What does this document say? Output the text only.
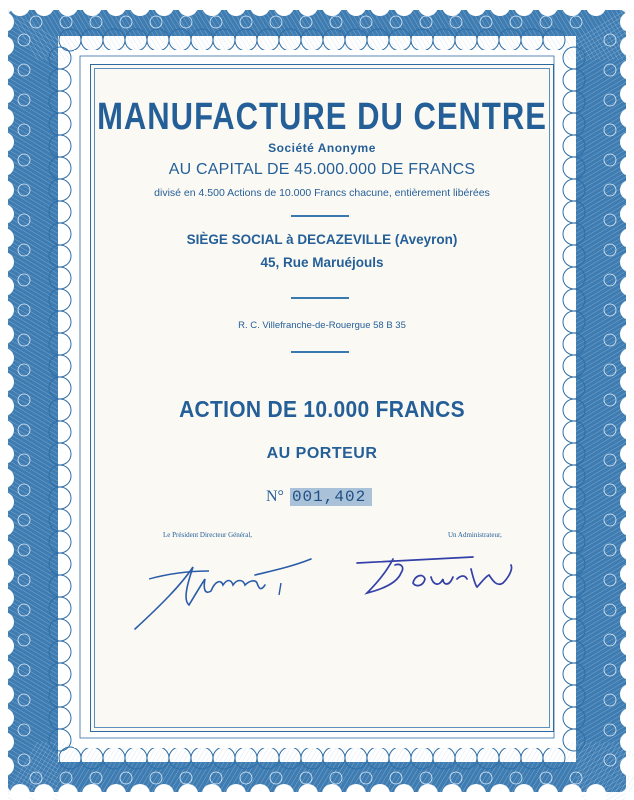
MANUFACTURE DU CENTRE
Société Anonyme
AU CAPITAL DE 45.000.000 DE FRANCS
divisé en 4.500 Actions de 10.000 Francs chacune, entièrement libérées
SIÈGE SOCIAL à DECAZEVILLE (Aveyron)
45, Rue Maruéjouls
R. C. Villefranche-de-Rouergue 58 B 35
ACTION DE 10.000 FRANCS
AU PORTEUR
N° 001,402
Le Président Directeur Général,	Un Administrateur,
